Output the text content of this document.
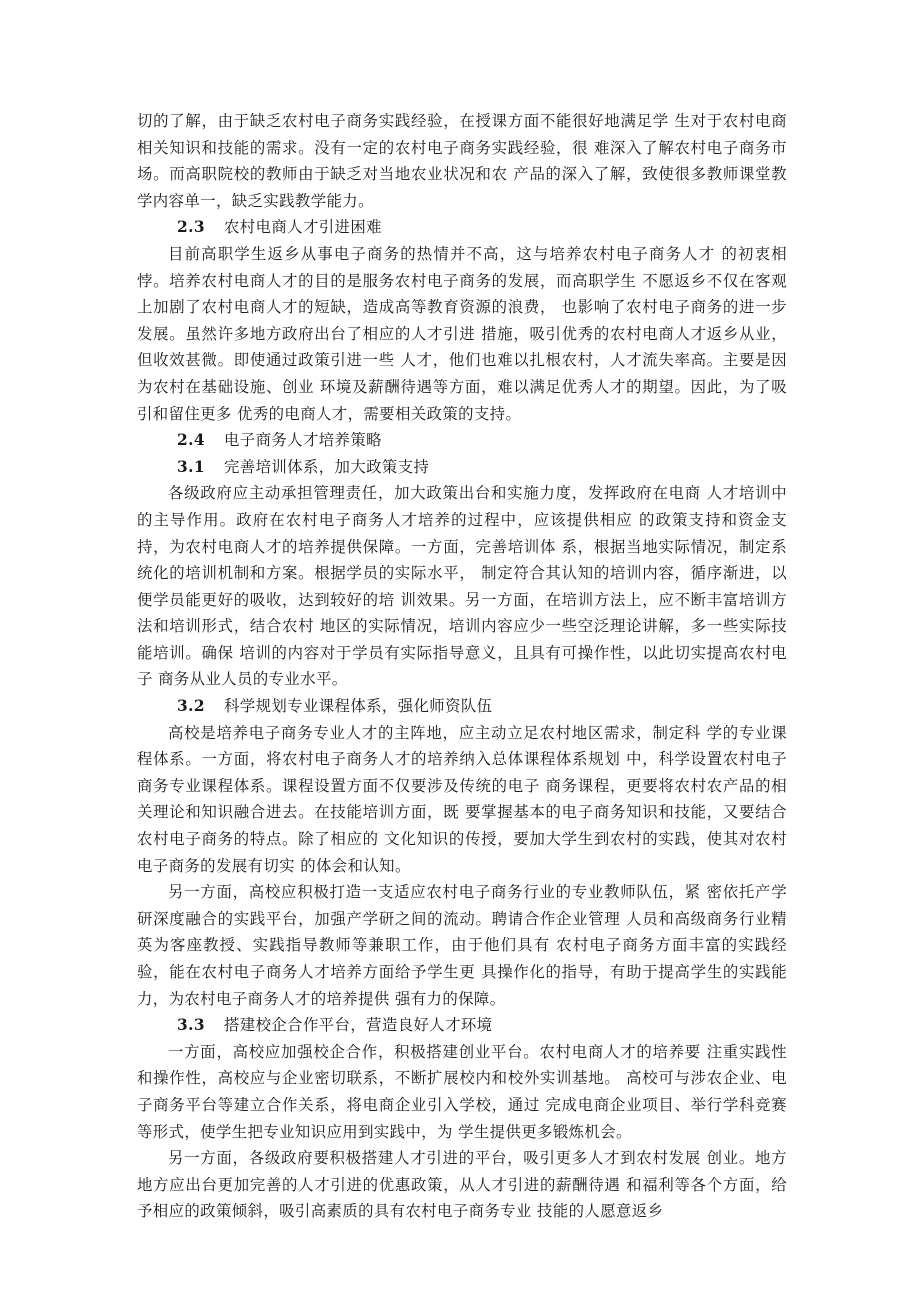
切的了解，由于缺乏农村电子商务实践经验，在授课方面不能很好地满足学 生对于农村电商相关知识和技能的需求。没有一定的农村电子商务实践经验，很 难深入了解农村电子商务市场。而高职院校的教师由于缺乏对当地农业状况和农 产品的深入了解，致使很多教师课堂教学内容单一，缺乏实践教学能力。

2.3 农村电商人才引进困难

目前高职学生返乡从事电子商务的热情并不高，这与培养农村电子商务人才 的初衷相悖。培养农村电商人才的目的是服务农村电子商务的发展，而高职学生 不愿返乡不仅在客观上加剧了农村电商人才的短缺，造成高等教育资源的浪费， 也影响了农村电子商务的进一步发展。虽然许多地方政府出台了相应的人才引进 措施，吸引优秀的农村电商人才返乡从业，但收效甚微。即使通过政策引进一些 人才，他们也难以扎根农村，人才流失率高。主要是因为农村在基础设施、创业 环境及薪酬待遇等方面，难以满足优秀人才的期望。因此，为了吸引和留住更多 优秀的电商人才，需要相关政策的支持。

2.4 电子商务人才培养策略

3.1 完善培训体系，加大政策支持

各级政府应主动承担管理责任，加大政策出台和实施力度，发挥政府在电商 人才培训中的主导作用。政府在农村电子商务人才培养的过程中，应该提供相应 的政策支持和资金支持，为农村电商人才的培养提供保障。一方面，完善培训体 系，根据当地实际情况，制定系统化的培训机制和方案。根据学员的实际水平， 制定符合其认知的培训内容，循序渐进，以便学员能更好的吸收，达到较好的培 训效果。另一方面，在培训方法上，应不断丰富培训方法和培训形式，结合农村 地区的实际情况，培训内容应少一些空泛理论讲解，多一些实际技能培训。确保 培训的内容对于学员有实际指导意义，且具有可操作性，以此切实提高农村电子 商务从业人员的专业水平。

3.2 科学规划专业课程体系，强化师资队伍

高校是培养电子商务专业人才的主阵地，应主动立足农村地区需求，制定科 学的专业课程体系。一方面，将农村电子商务人才的培养纳入总体课程体系规划 中，科学设置农村电子商务专业课程体系。课程设置方面不仅要涉及传统的电子 商务课程，更要将农村农产品的相关理论和知识融合进去。在技能培训方面，既 要掌握基本的电子商务知识和技能，又要结合农村电子商务的特点。除了相应的 文化知识的传授，要加大学生到农村的实践，使其对农村电子商务的发展有切实 的体会和认知。

另一方面，高校应积极打造一支适应农村电子商务行业的专业教师队伍，紧 密依托产学研深度融合的实践平台，加强产学研之间的流动。聘请合作企业管理 人员和高级商务行业精英为客座教授、实践指导教师等兼职工作，由于他们具有 农村电子商务方面丰富的实践经验，能在农村电子商务人才培养方面给予学生更 具操作化的指导，有助于提高学生的实践能力，为农村电子商务人才的培养提供 强有力的保障。

3.3 搭建校企合作平台，营造良好人才环境

一方面，高校应加强校企合作，积极搭建创业平台。农村电商人才的培养要 注重实践性和操作性，高校应与企业密切联系，不断扩展校内和校外实训基地。 高校可与涉农企业、电子商务平台等建立合作关系，将电商企业引入学校，通过 完成电商企业项目、举行学科竞赛等形式，使学生把专业知识应用到实践中，为 学生提供更多锻炼机会。

另一方面，各级政府要积极搭建人才引进的平台，吸引更多人才到农村发展 创业。地方地方应出台更加完善的人才引进的优惠政策，从人才引进的薪酬待遇 和福利等各个方面，给予相应的政策倾斜，吸引高素质的具有农村电子商务专业 技能的人愿意返乡
